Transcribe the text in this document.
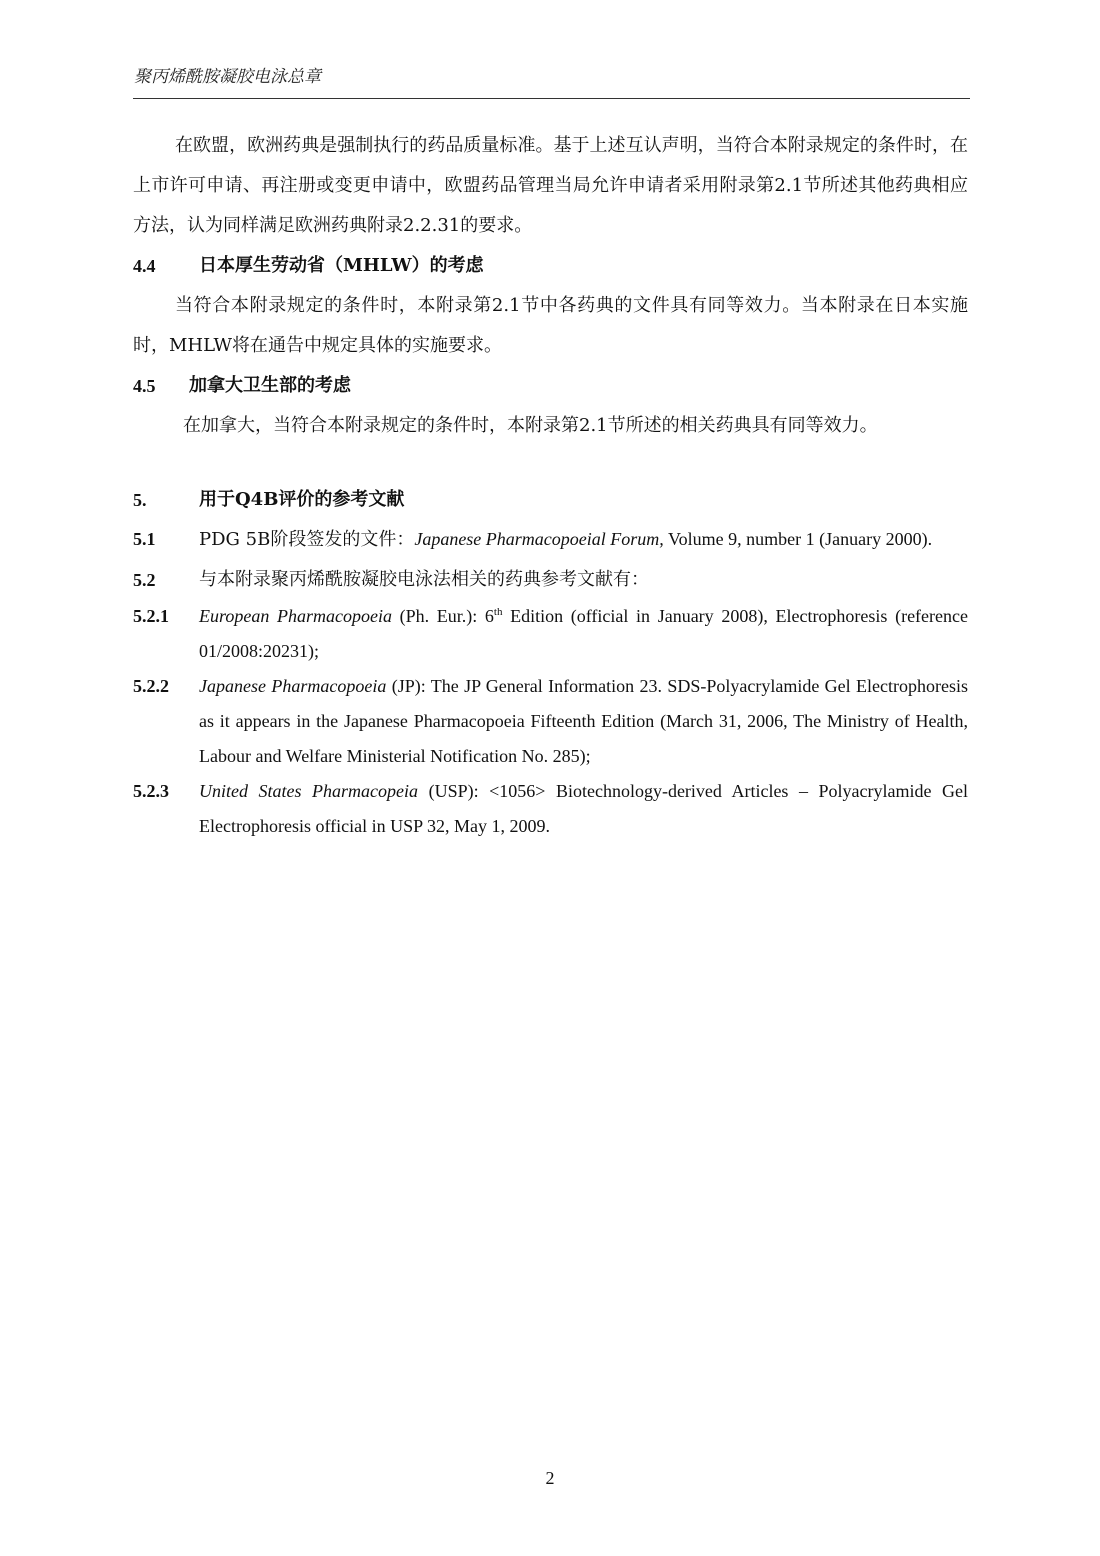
聚丙烯酰胺凝胶电泳总章
在欧盟，欧洲药典是强制执行的药品质量标准。基于上述互认声明，当符合本附录规定的条件时，在上市许可申请、再注册或变更申请中，欧盟药品管理当局允许申请者采用附录第2.1节所述其他药典相应方法，认为同样满足欧洲药典附录2.2.31的要求。
4.4	日本厚生劳动省（MHLW）的考虑
当符合本附录规定的条件时，本附录第2.1节中各药典的文件具有同等效力。当本附录在日本实施时，MHLW将在通告中规定具体的实施要求。
4.5	加拿大卫生部的考虑
在加拿大，当符合本附录规定的条件时，本附录第2.1节所述的相关药典具有同等效力。
5.	用于Q4B评价的参考文献
5.1	PDG 5B阶段签发的文件：Japanese Pharmacopoeial Forum, Volume 9, number 1 (January 2000).
5.2	与本附录聚丙烯酰胺凝胶电泳法相关的药典参考文献有：
5.2.1	European Pharmacopoeia (Ph. Eur.): 6th Edition (official in January 2008), Electrophoresis (reference 01/2008:20231);
5.2.2	Japanese Pharmacopoeia (JP): The JP General Information 23. SDS-Polyacrylamide Gel Electrophoresis as it appears in the Japanese Pharmacopoeia Fifteenth Edition (March 31, 2006, The Ministry of Health, Labour and Welfare Ministerial Notification No. 285);
5.2.3	United States Pharmacopeia (USP): <1056> Biotechnology-derived Articles – Polyacrylamide Gel Electrophoresis official in USP 32, May 1, 2009.
2
